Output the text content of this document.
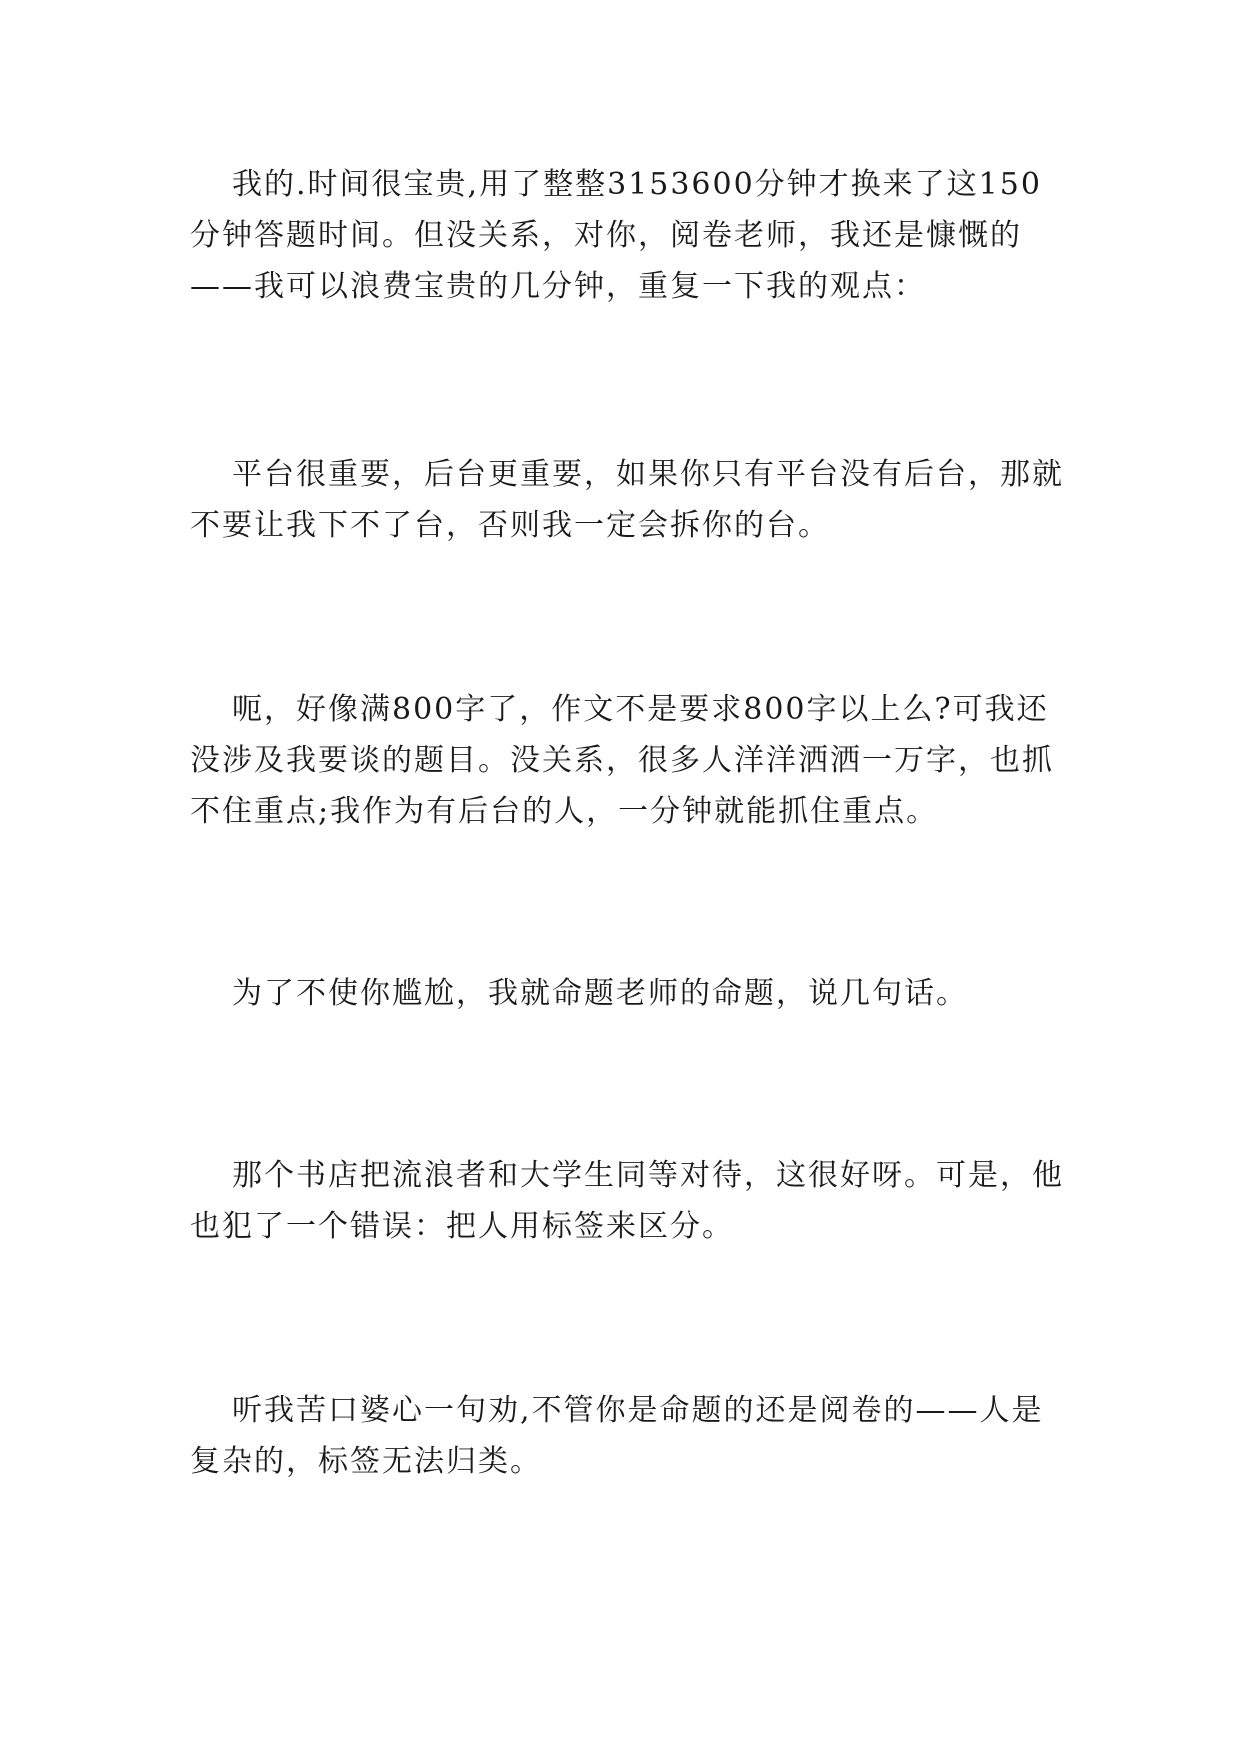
我的.时间很宝贵,用了整整3153600分钟才换来了这150分钟答题时间。但没关系，对你，阅卷老师，我还是慷慨的——我可以浪费宝贵的几分钟，重复一下我的观点：

平台很重要，后台更重要，如果你只有平台没有后台，那就不要让我下不了台，否则我一定会拆你的台。

呃，好像满800字了，作文不是要求800字以上么?可我还没涉及我要谈的题目。没关系，很多人洋洋洒洒一万字，也抓不住重点;我作为有后台的人，一分钟就能抓住重点。

为了不使你尴尬，我就命题老师的命题，说几句话。

那个书店把流浪者和大学生同等对待，这很好呀。可是，他也犯了一个错误：把人用标签来区分。

听我苦口婆心一句劝,不管你是命题的还是阅卷的——人是复杂的，标签无法归类。
